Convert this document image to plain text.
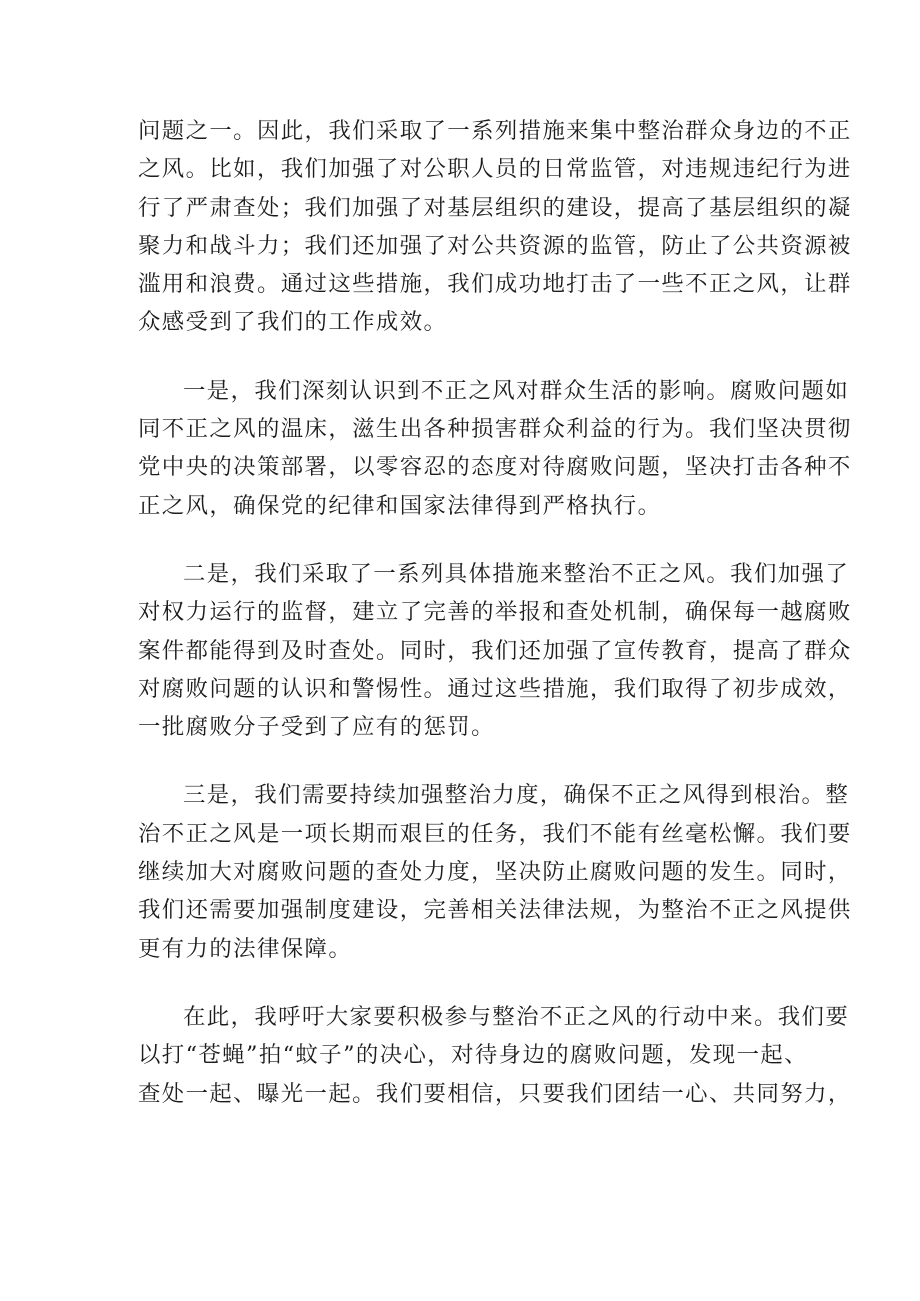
问题之一。因此，我们采取了一系列措施来集中整治群众身边的不正
之风。比如，我们加强了对公职人员的日常监管，对违规违纪行为进
行了严肃查处；我们加强了对基层组织的建设，提高了基层组织的凝
聚力和战斗力；我们还加强了对公共资源的监管，防止了公共资源被
滥用和浪费。通过这些措施，我们成功地打击了一些不正之风，让群
众感受到了我们的工作成效。

一是，我们深刻认识到不正之风对群众生活的影响。腐败问题如
同不正之风的温床，滋生出各种损害群众利益的行为。我们坚决贯彻
党中央的决策部署，以零容忍的态度对待腐败问题，坚决打击各种不
正之风，确保党的纪律和国家法律得到严格执行。

二是，我们采取了一系列具体措施来整治不正之风。我们加强了
对权力运行的监督，建立了完善的举报和查处机制，确保每一越腐败
案件都能得到及时查处。同时，我们还加强了宣传教育，提高了群众
对腐败问题的认识和警惕性。通过这些措施，我们取得了初步成效，
一批腐败分子受到了应有的惩罚。

三是，我们需要持续加强整治力度，确保不正之风得到根治。整
治不正之风是一项长期而艰巨的任务，我们不能有丝毫松懈。我们要
继续加大对腐败问题的查处力度，坚决防止腐败问题的发生。同时，
我们还需要加强制度建设，完善相关法律法规，为整治不正之风提供
更有力的法律保障。

在此，我呼吁大家要积极参与整治不正之风的行动中来。我们要
以打“苍蝇”拍“蚊子”的决心，对待身边的腐败问题，发现一起、
查处一起、曝光一起。我们要相信，只要我们团结一心、共同努力，
